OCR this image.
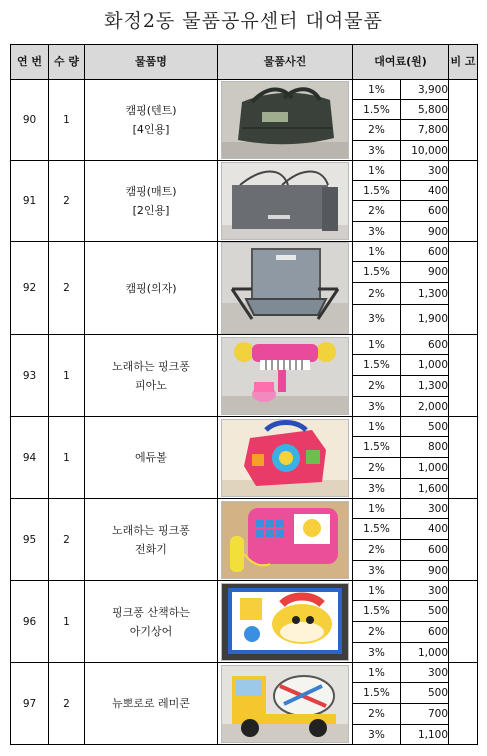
화정2동 물품공유센터 대여물품
연 번	수 량	물품명	물품사진	대여료(원)		비 고
90	1	캠핑(텐트)
[4인용]		1%	3,900	
				1.5%	5,800	
				2%	7,800	
				3%	10,000	
91	2	캠핑(매트)
[2인용]		1%	300	
				1.5%	400	
				2%	600	
				3%	900	
92	2	캠핑(의자)		1%	600	
				1.5%	900	
				2%	1,300	
				3%	1,900	
93	1	노래하는 핑크퐁
피아노		1%	600	
				1.5%	1,000	
				2%	1,300	
				3%	2,000	
94	1	에듀볼		1%	500	
				1.5%	800	
				2%	1,000	
				3%	1,600	
95	2	노래하는 핑크퐁
전화기		1%	300	
				1.5%	400	
				2%	600	
				3%	900	
96	1	핑크퐁 산책하는
아기상어		1%	300	
				1.5%	500	
				2%	600	
				3%	1,000	
97	2	뉴뽀로로 레미콘		1%	300	
				1.5%	500	
				2%	700	
				3%	1,100	
